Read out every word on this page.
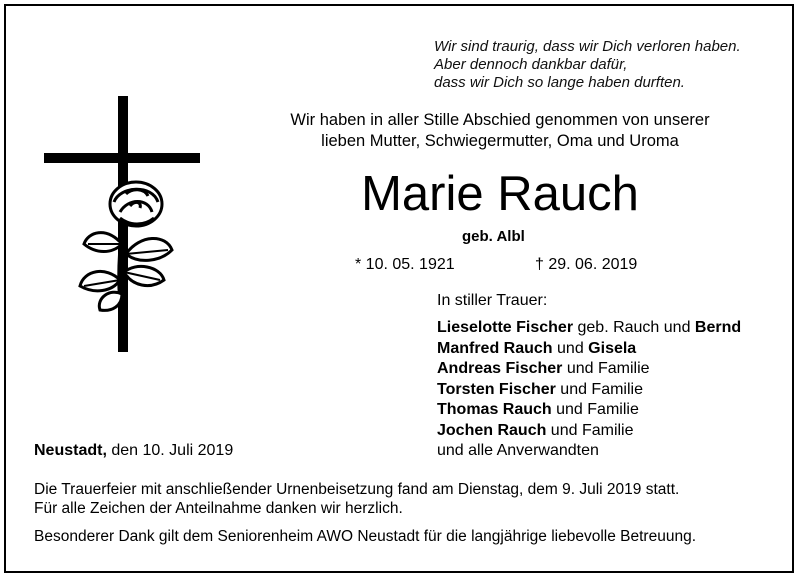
Wir sind traurig, dass wir Dich verloren haben.
Aber dennoch dankbar dafür,
dass wir Dich so lange haben durften.
Wir haben in aller Stille Abschied genommen von unserer
lieben Mutter, Schwiegermutter, Oma und Uroma
Marie Rauch
geb. Albl
* 10. 05. 1921	† 29. 06. 2019
In stiller Trauer:
Lieselotte Fischer geb. Rauch und Bernd
Manfred Rauch und Gisela
Andreas Fischer und Familie
Torsten Fischer und Familie
Thomas Rauch und Familie
Jochen Rauch und Familie
und alle Anverwandten
Neustadt, den 10. Juli 2019
Die Trauerfeier mit anschließender Urnenbeisetzung fand am Dienstag, dem 9. Juli 2019 statt.
Für alle Zeichen der Anteilnahme danken wir herzlich.
Besonderer Dank gilt dem Seniorenheim AWO Neustadt für die langjährige liebevolle Betreuung.
